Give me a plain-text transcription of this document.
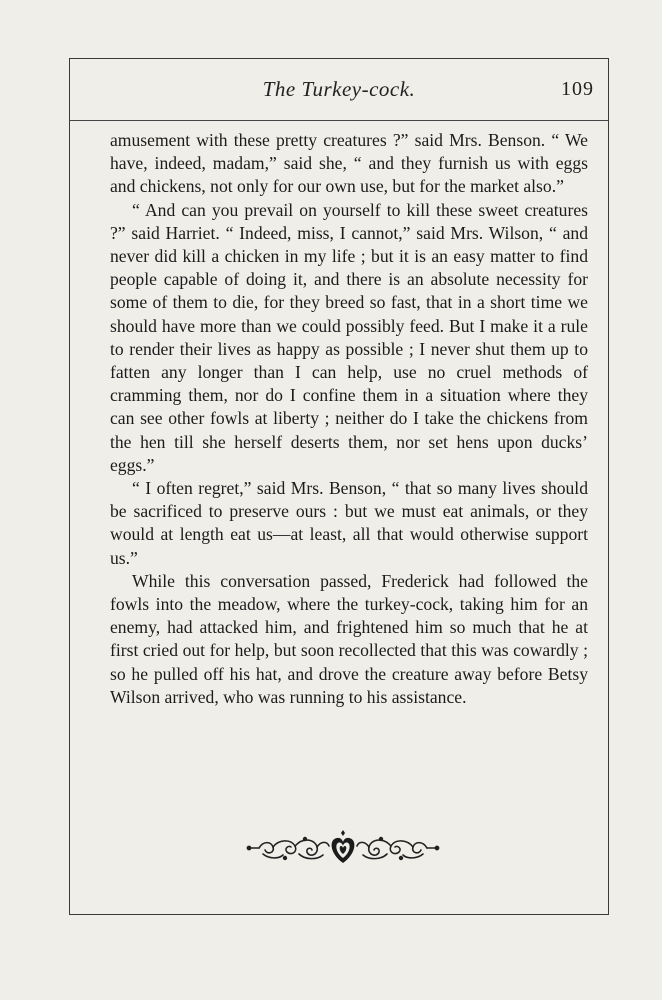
The Turkey-cock.	109

amusement with these pretty creatures ?” said Mrs. Benson. “ We have, indeed, madam,” said she, “ and they furnish us with eggs and chickens, not only for our own use, but for the market also.”

“ And can you prevail on yourself to kill these sweet creatures ?” said Harriet. “ Indeed, miss, I cannot,” said Mrs. Wilson, “ and never did kill a chicken in my life ; but it is an easy matter to find people capable of doing it, and there is an absolute necessity for some of them to die, for they breed so fast, that in a short time we should have more than we could possibly feed. But I make it a rule to render their lives as happy as possible ; I never shut them up to fatten any longer than I can help, use no cruel methods of cramming them, nor do I confine them in a situation where they can see other fowls at liberty ; neither do I take the chickens from the hen till she herself deserts them, nor set hens upon ducks’ eggs.”

“ I often regret,” said Mrs. Benson, “ that so many lives should be sacrificed to preserve ours : but we must eat animals, or they would at length eat us—at least, all that would otherwise support us.”

While this conversation passed, Frederick had followed the fowls into the meadow, where the turkey-cock, taking him for an enemy, had attacked him, and frightened him so much that he at first cried out for help, but soon recollected that this was cowardly ; so he pulled off his hat, and drove the creature away before Betsy Wilson arrived, who was running to his assistance.
